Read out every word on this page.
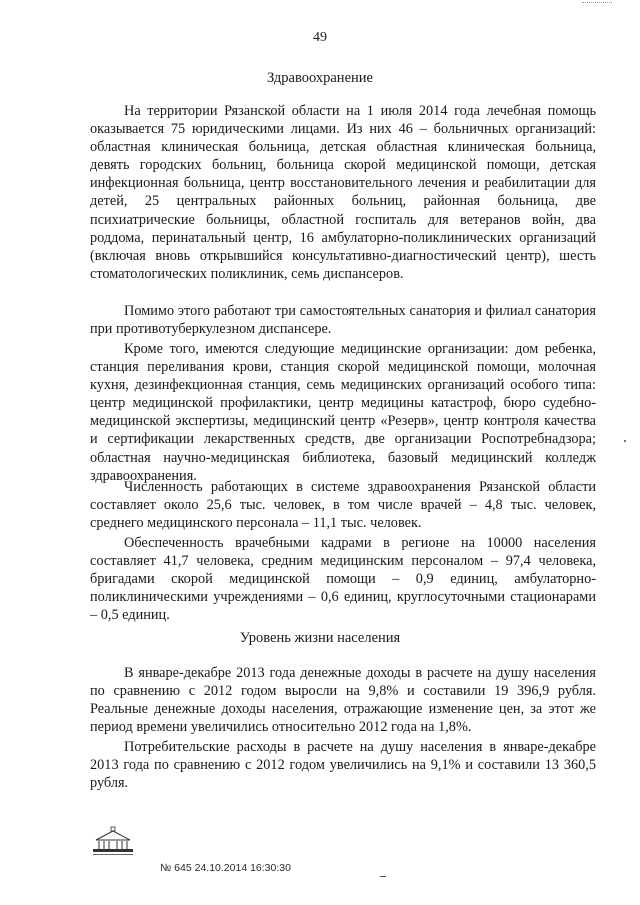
49
Здравоохранение

На территории Рязанской области на 1 июля 2014 года лечебная помощь оказывается 75 юридическими лицами. Из них 46 – больничных организаций: областная клиническая больница, детская областная клиническая больница, девять городских больниц, больница скорой медицинской помощи, детская инфекционная больница, центр восстановительного лечения и реабилитации для детей, 25 центральных районных больниц, районная больница, две психиатрические больницы, областной госпиталь для ветеранов войн, два роддома, перинатальный центр, 16 амбулаторно-поликлинических организаций (включая вновь открывшийся консультативно-диагностический центр), шесть стоматологических поликлиник, семь диспансеров.

Помимо этого работают три самостоятельных санатория и филиал санатория при противотуберкулезном диспансере.

Кроме того, имеются следующие медицинские организации: дом ребенка, станция переливания крови, станция скорой медицинской помощи, молочная кухня, дезинфекционная станция, семь медицинских организаций особого типа: центр медицинской профилактики, центр медицины катастроф, бюро судебно-медицинской экспертизы, медицинский центр «Резерв», центр контроля качества и сертификации лекарственных средств, две организации Роспотребнадзора; областная научно-медицинская библиотека, базовый медицинский колледж здравоохранения.

Численность работающих в системе здравоохранения Рязанской области составляет около 25,6 тыс. человек, в том числе врачей – 4,8 тыс. человек, среднего медицинского персонала – 11,1 тыс. человек.

Обеспеченность врачебными кадрами в регионе на 10000 населения составляет 41,7 человека, средним медицинским персоналом – 97,4 человека, бригадами скорой медицинской помощи – 0,9 единиц, амбулаторно-поликлиническими учреждениями – 0,6 единиц, круглосуточными стационарами – 0,5 единиц.

Уровень жизни населения

В январе-декабре 2013 года денежные доходы в расчете на душу населения по сравнению с 2012 годом выросли на 9,8% и составили 19 396,9 рубля. Реальные денежные доходы населения, отражающие изменение цен, за этот же период времени увеличились относительно 2012 года на 1,8%.

Потребительские расходы в расчете на душу населения в январе-декабре 2013 года по сравнению с 2012 годом увеличились на 9,1% и составили 13 360,5 рубля.

№ 645 24.10.2014 16:30:30
